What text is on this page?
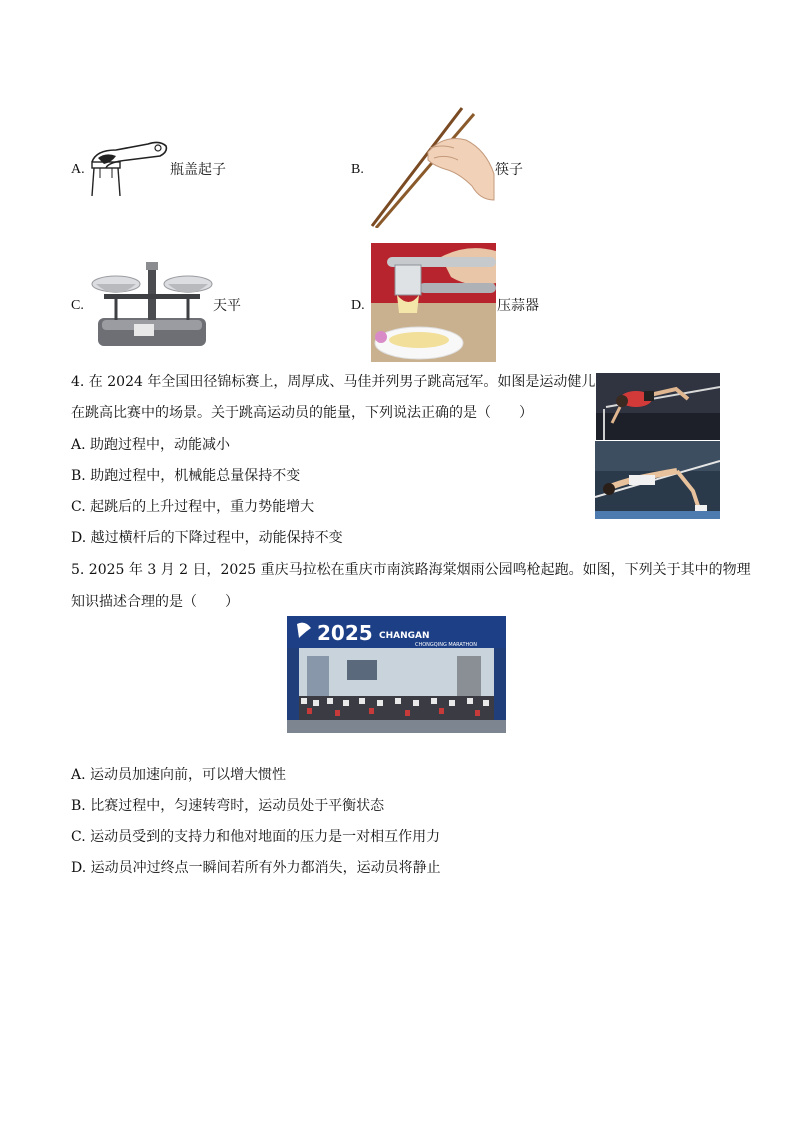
A.	瓶盖起子	B.	筷子
C.	天平	D.	压蒜器
4. 在 2024 年全国田径锦标赛上，周厚成、马佳并列男子跳高冠军。如图是运动健儿
在跳高比赛中的场景。关于跳高运动员的能量，下列说法正确的是（　　）
A. 助跑过程中，动能减小
B. 助跑过程中，机械能总量保持不变
C. 起跳后的上升过程中，重力势能增大
D. 越过横杆后的下降过程中，动能保持不变
5. 2025 年 3 月 2 日，2025 重庆马拉松在重庆市南滨路海棠烟雨公园鸣枪起跑。如图，下列关于其中的物理
知识描述合理的是（　　）
2025 CHANGAN
CHONGQING MARATHON
A. 运动员加速向前，可以增大惯性
B. 比赛过程中，匀速转弯时，运动员处于平衡状态
C. 运动员受到的支持力和他对地面的压力是一对相互作用力
D. 运动员冲过终点一瞬间若所有外力都消失，运动员将静止
